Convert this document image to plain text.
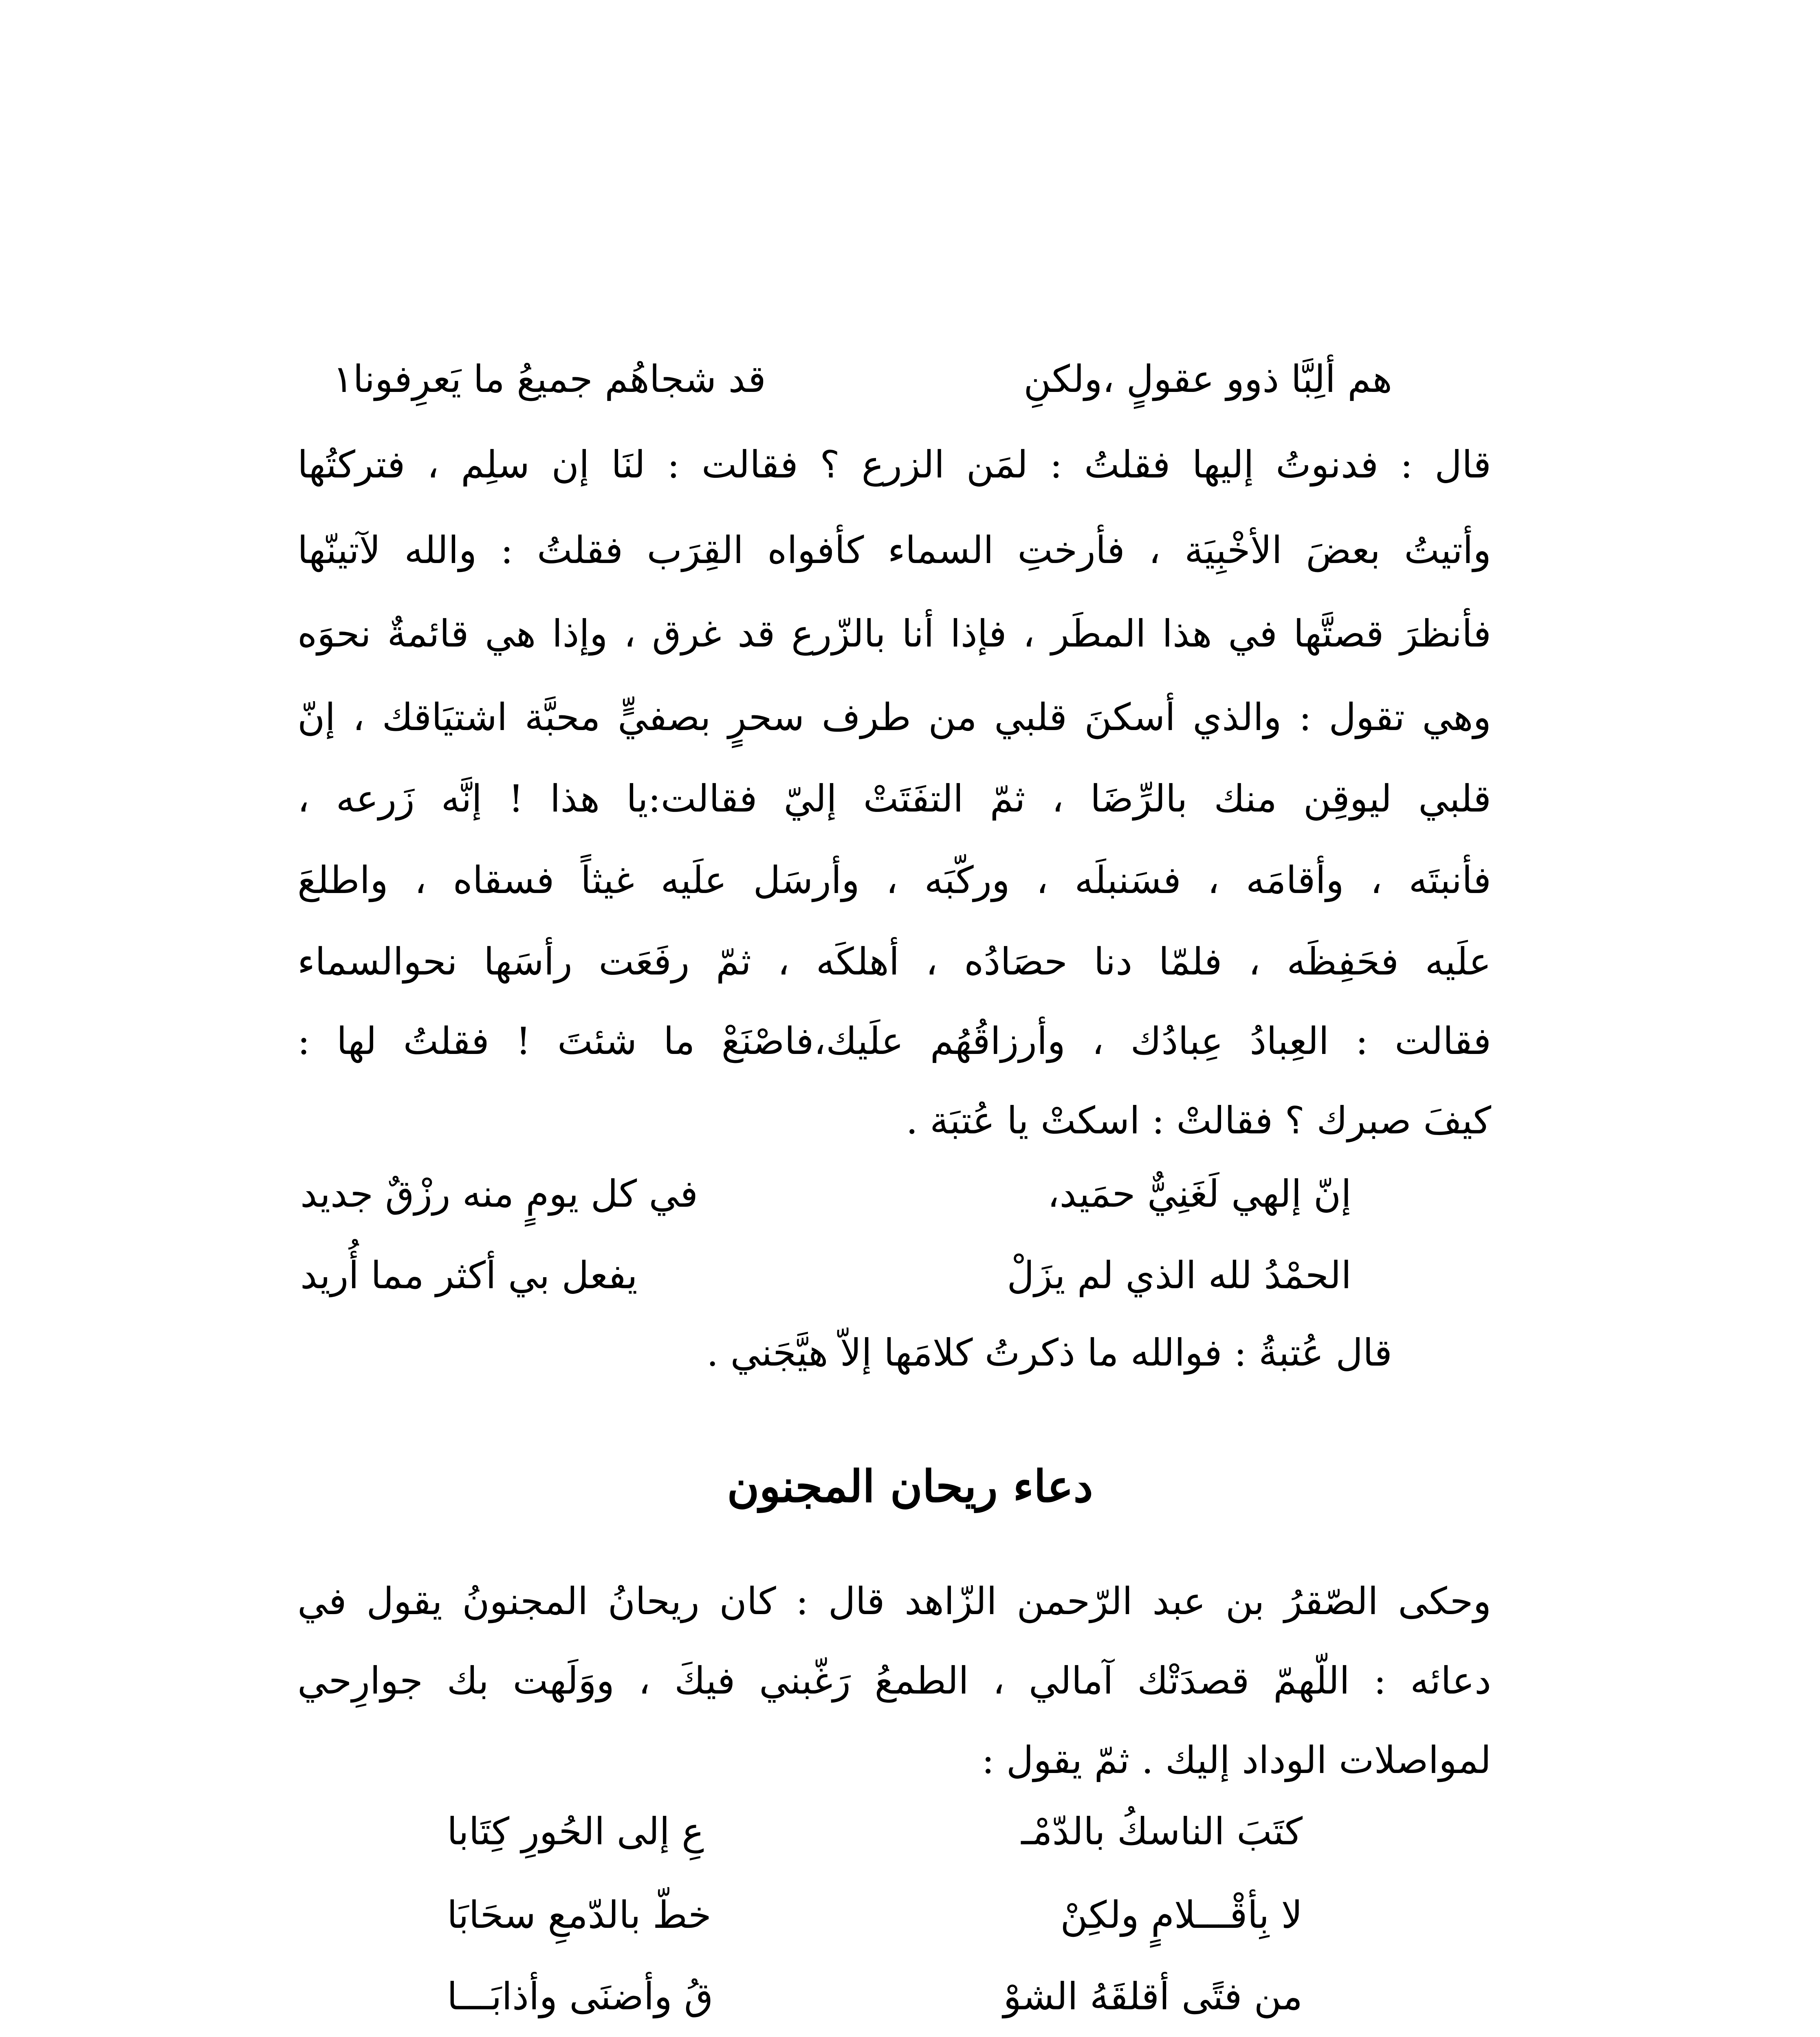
هم ألِبَّا ذوو عقولٍ ،ولكنِ
قد شجاهُم جميعُ ما يَعرِفونا١
قال : فدنوتُ إليها فقلتُ : لمَن الزرع ؟ فقالت : لنَا إن سلِم ، فتركتُها
وأتيتُ بعضَ الأخْبِيَة ، فأرختِ السماء كأفواه القِرَب فقلتُ : والله لآتينّها
فأنظرَ قصتَّها في هذا المطَر ، فإذا أنا بالزّرع قد غرق ، وإذا هي قائمةٌ نحوَه
وهي تقول : والذي أسكنَ قلبي من طرف سحرٍ بصفيٍّ محبَّة اشتيَاقك ، إنّ
قلبي ليوقِن منك بالرِّضَا ، ثمّ التفَتَتْ إليّ فقالت:يا هذا ! إنَّه زَرعه ،
فأنبتَه ، وأقامَه ، فسَنبلَه ، وركّبَه ، وأرسَل علَيه غيثاً فسقاه ، واطلعَ
علَيه فحَفِظَه ، فلمّا دنا حصَادُه ، أهلكَه ، ثمّ رفَعَت رأسَها نحوالسماء
فقالت : العِبادُ عِبادُك ، وأرزاقُهُم علَيك،فاصْنَعْ ما شئتَ ! فقلتُ لها :
كيفَ صبرك ؟ فقالتْ : اسكتْ يا عُتبَة .
إنّ إلهي لَغَنِيٌّ حمَيد،
في كل يومٍ منه رزْقٌ جديد
الحمْدُ لله الذي لم يزَلْ
يفعل بي أكثر مما أُريد
قال عُتبةُ : فوالله ما ذكرتُ كلامَها إلاّ هيَّجَني .
دعاء ريحان المجنون
وحكى الصّقرُ بن عبد الرّحمن الزّاهد قال : كان ريحانُ المجنونُ يقول في
دعائه : اللّهمّ قصدَتْك آمالي ، الطمعُ رَغّبني فيكَ ، ووَلَهت بك جوارِحي
لمواصلات الوداد إليك . ثمّ يقول :
كتَبَ الناسكُ بالدّمْـ
عِ إلى الحُورِ كِتَابا
لا بِأقْـــلامٍ ولكِنْ
خطّ بالدّمعِ سحَابَا
من فتًى أقلقَهُ الشوْ
قُ وأضنَى وأذابَـــا
